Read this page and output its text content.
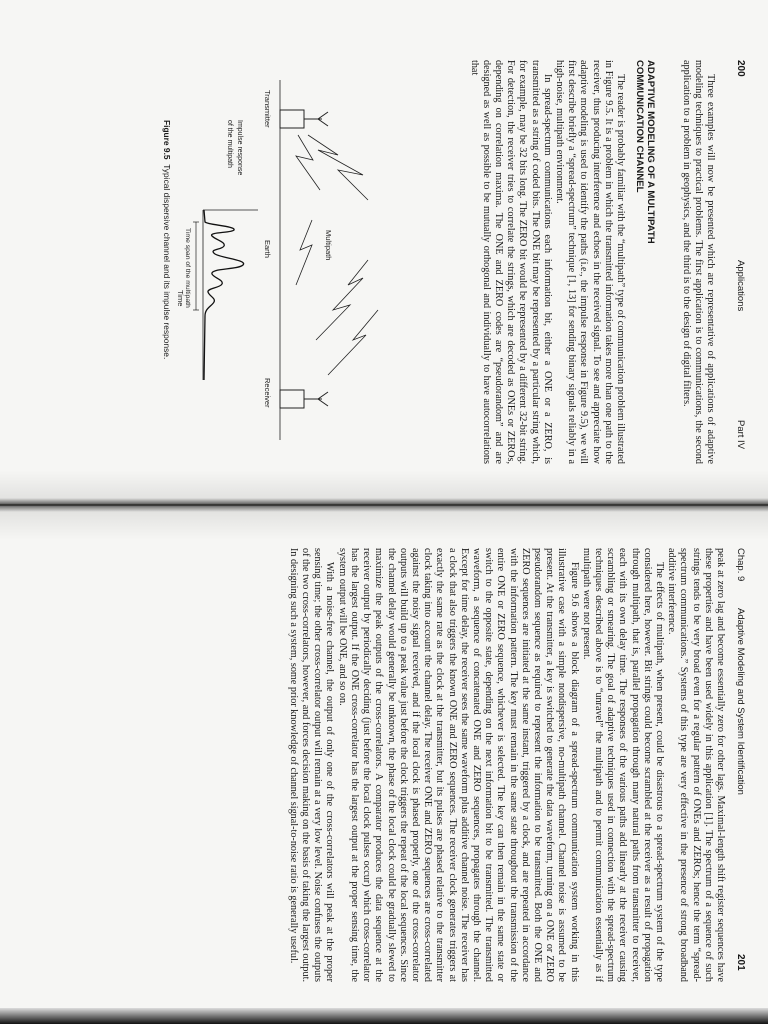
200
Applications
Part IV

Three examples will now be presented which are representative of applications of adaptive modeling techniques to practical problems. The first application is to communications, the second application to a problem in geophysics, and the third is to the design of digital filters.

ADAPTIVE MODELING OF A MULTIPATH
COMMUNICATION CHANNEL

The reader is probably familiar with the “multipath” type of communication problem illustrated in Figure 9.5. It is a problem in which the transmitted information takes more than one path to the receiver, thus producing interference and echoes in the received signal. To see and appreciate how adaptive modeling is used to identify the paths (i.e., the impulse response in Figure 9.5), we will first describe briefly a “spread-spectrum” technique [1, 13] for sending binary signals reliably in a high-noise, multipath environment.

In spread-spectrum communications each information bit, either a ONE or a ZERO, is transmitted as a string of coded bits. The ONE bit may be represented by a particular string which, for example, may be 32 bits long. The ZERO bit would be represented by a different 32-bit string. For detection, the receiver tries to correlate the strings, which are decoded as ONEs or ZEROs, depending on correlation maxima. The ONE and ZERO codes are “pseudorandom” and are designed as well as possible to be mutually orthogonal and individually to have autocorrelations that

Transmitter
Earth
Receiver
Multipath
Time span of the multipath
Time
Impulse response
of the multipath
Figure 9.5  Typical dispersive channel and its impulse response.
Chap. 9
Adaptive Modeling and System Identification
201

peak at zero lag and become essentially zero for other lags. Maximal-length shift register sequences have these properties and have been used widely in this application [1]. The spectrum of a sequence of such strings tends to be very broad even for a regular pattern of ONEs and ZEROs; hence the term “spread-spectrum communications.” Systems of this type are very effective in the presence of strong broadband additive interference.

The effects of multipath, when present, could be disastrous to a spread-spectrum system of the type considered here, however. Bit strings could become scrambled at the receiver as a result of propagation through multipath, that is, parallel propagation through many natural paths from transmitter to receiver, each with its own delay time. The responses of the various paths add linearly at the receiver causing scrambling or smearing. The goal of adaptive techniques used in connection with the spread-spectrum techniques described above is to “unravel” the multipath and to permit communication essentially as if multipath were not present.

Figure 9.6 shows a block diagram of a spread-spectrum communication system working in this illustrative case with a simple nondispersive, no-multipath channel. Channel noise is assumed to be present. At the transmitter, a key is switched to generate the data waveform, turning on a ONE or ZERO pseudorandom sequence as required to represent the information to be transmitted. Both the ONE and ZERO sequences are initiated at the same instant, triggered by a clock, and are repeated in accordance with the information pattern. The key must remain in the same state throughout the transmission of the entire ONE or ZERO sequence, whichever is selected. The key can then remain in the same state or switch to the opposite state, depending on the next information bit to be transmitted. The transmitted waveform, a sequence of concatenated ONE and ZERO sequences, propagates through the channel. Except for time delay, the receiver sees the same waveform plus additive channel noise. The receiver has a clock that also triggers the known ONE and ZERO sequences. The receiver clock generates triggers at exactly the same rate as the clock at the transmitter, but its pulses are phased relative to the transmitter clock taking into account the channel delay. The receiver ONE and ZERO sequences are cross-correlated against the noisy signal received, and if the local clock is phased properly, one of the cross-correlator outputs will build up to a peak value just before the clock triggers the repeat of the local sequences. Since the channel delay would generally be unknown, the phase of the local clock could be gradually slewed to maximize the peak outputs of the cross-correlators. A comparator produces the data sequence at the receiver output by periodically deciding (just before the local clock pulses occur) which cross-correlator has the largest output. If the ONE cross-correlator has the largest output at the proper sensing time, the system output will be ONE, and so on.

With a noise-free channel, the output of only one of the cross-correlators will peak at the proper sensing time; the other cross-correlator output will remain at a very low level. Noise confuses the outputs of the two cross-correlators, however, and forces decision making on the basis of taking the largest output. In designing such a system, some prior knowledge of channel signal-to-noise ratio is generally useful.
